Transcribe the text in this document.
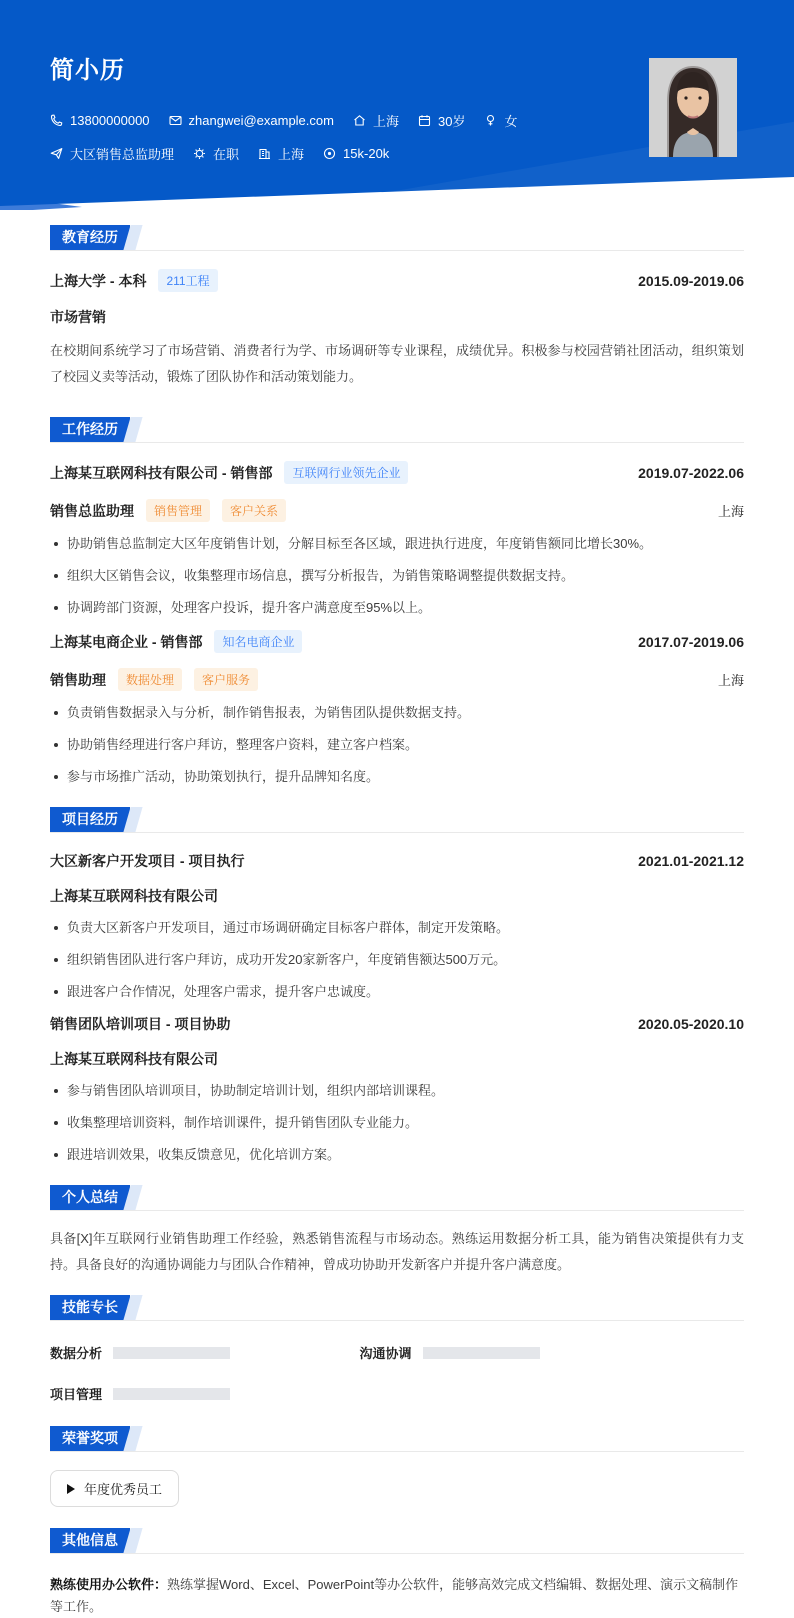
简小历
13800000000	zhangwei@example.com	上海	30岁	女
大区销售总监助理	在职	上海	15k-20k
教育经历
上海大学 - 本科	211工程	2015.09-2019.06
市场营销

在校期间系统学习了市场营销、消费者行为学、市场调研等专业课程，成绩优异。积极参与校园营销社团活动，组织策划了校园义卖等活动，锻炼了团队协作和活动策划能力。

工作经历
上海某互联网科技有限公司 - 销售部	互联网行业领先企业	2019.07-2022.06
销售总监助理	销售管理	客户关系	上海
协助销售总监制定大区年度销售计划，分解目标至各区域，跟进执行进度，年度销售额同比增长30%。
组织大区销售会议，收集整理市场信息，撰写分析报告，为销售策略调整提供数据支持。
协调跨部门资源，处理客户投诉，提升客户满意度至95%以上。
上海某电商企业 - 销售部	知名电商企业	2017.07-2019.06
销售助理	数据处理	客户服务	上海
负责销售数据录入与分析，制作销售报表，为销售团队提供数据支持。
协助销售经理进行客户拜访，整理客户资料，建立客户档案。
参与市场推广活动，协助策划执行，提升品牌知名度。
项目经历
大区新客户开发项目 - 项目执行	2021.01-2021.12
上海某互联网科技有限公司
负责大区新客户开发项目，通过市场调研确定目标客户群体，制定开发策略。
组织销售团队进行客户拜访，成功开发20家新客户，年度销售额达500万元。
跟进客户合作情况，处理客户需求，提升客户忠诚度。
销售团队培训项目 - 项目协助	2020.05-2020.10
上海某互联网科技有限公司
参与销售团队培训项目，协助制定培训计划，组织内部培训课程。
收集整理培训资料，制作培训课件，提升销售团队专业能力。
跟进培训效果，收集反馈意见，优化培训方案。
个人总结

具备[X]年互联网行业销售助理工作经验，熟悉销售流程与市场动态。熟练运用数据分析工具，能为销售决策提供有力支持。具备良好的沟通协调能力与团队合作精神，曾成功协助开发新客户并提升客户满意度。

技能专长
数据分析	沟通协调
项目管理
荣誉奖项
年度优秀员工
其他信息

熟练使用办公软件：熟练掌握Word、Excel、PowerPoint等办公软件，能够高效完成文档编辑、数据处理、演示文稿制作等工作。
